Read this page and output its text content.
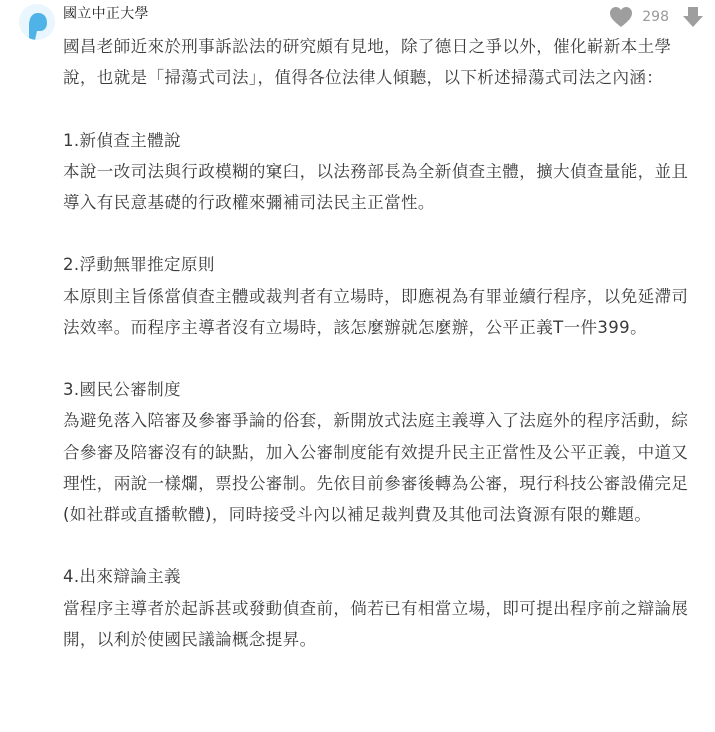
國立中正大學	298

國昌老師近來於刑事訴訟法的研究頗有見地，除了德日之爭以外，催化嶄新本土學說，也就是「掃蕩式司法」，值得各位法律人傾聽，以下析述掃蕩式司法之內涵：

1.新偵查主體說

本說一改司法與行政模糊的窠臼，以法務部長為全新偵查主體，擴大偵查量能，並且導入有民意基礎的行政權來彌補司法民主正當性。

2.浮動無罪推定原則

本原則主旨係當偵查主體或裁判者有立場時，即應視為有罪並續行程序，以免延滯司法效率。而程序主導者沒有立場時，該怎麼辦就怎麼辦，公平正義T一件399。

3.國民公審制度

為避免落入陪審及參審爭論的俗套，新開放式法庭主義導入了法庭外的程序活動，綜合參審及陪審沒有的缺點，加入公審制度能有效提升民主正當性及公平正義，中道又理性，兩說一樣爛，票投公審制。先依目前參審後轉為公審，現行科技公審設備完足(如社群或直播軟體)，同時接受斗內以補足裁判費及其他司法資源有限的難題。

4.出來辯論主義

當程序主導者於起訴甚或發動偵查前，倘若已有相當立場，即可提出程序前之辯論展開，以利於使國民議論概念提昇。
